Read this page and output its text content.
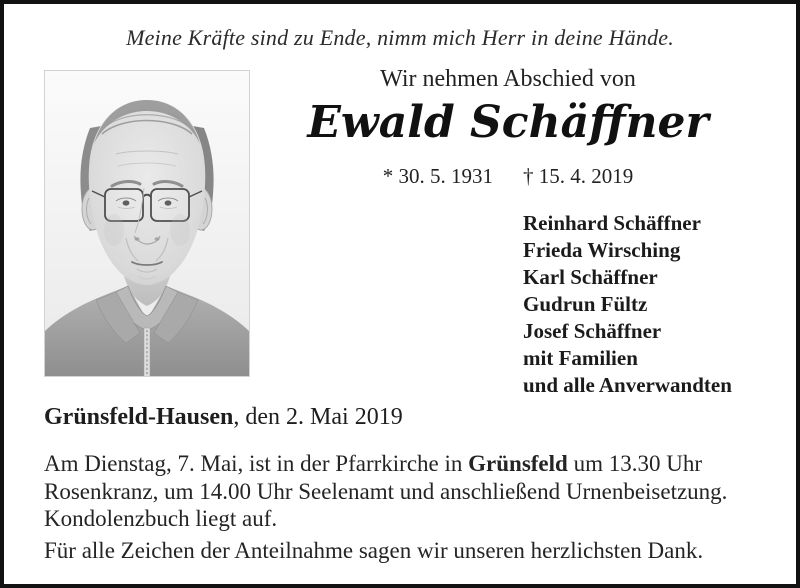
Meine Kräfte sind zu Ende, nimm mich Herr in deine Hände.
Wir nehmen Abschied von
Ewald Schäffner
* 30. 5. 1931 † 15. 4. 2019
Reinhard Schäffner
Frieda Wirsching
Karl Schäffner
Gudrun Fültz
Josef Schäffner
mit Familien
und alle Anverwandten
Grünsfeld-Hausen, den 2. Mai 2019
Am Dienstag, 7. Mai, ist in der Pfarrkirche in Grünsfeld um 13.30 Uhr
Rosenkranz, um 14.00 Uhr Seelenamt und anschließend Urnenbeisetzung.
Kondolenzbuch liegt auf.
Für alle Zeichen der Anteilnahme sagen wir unseren herzlichsten Dank.
